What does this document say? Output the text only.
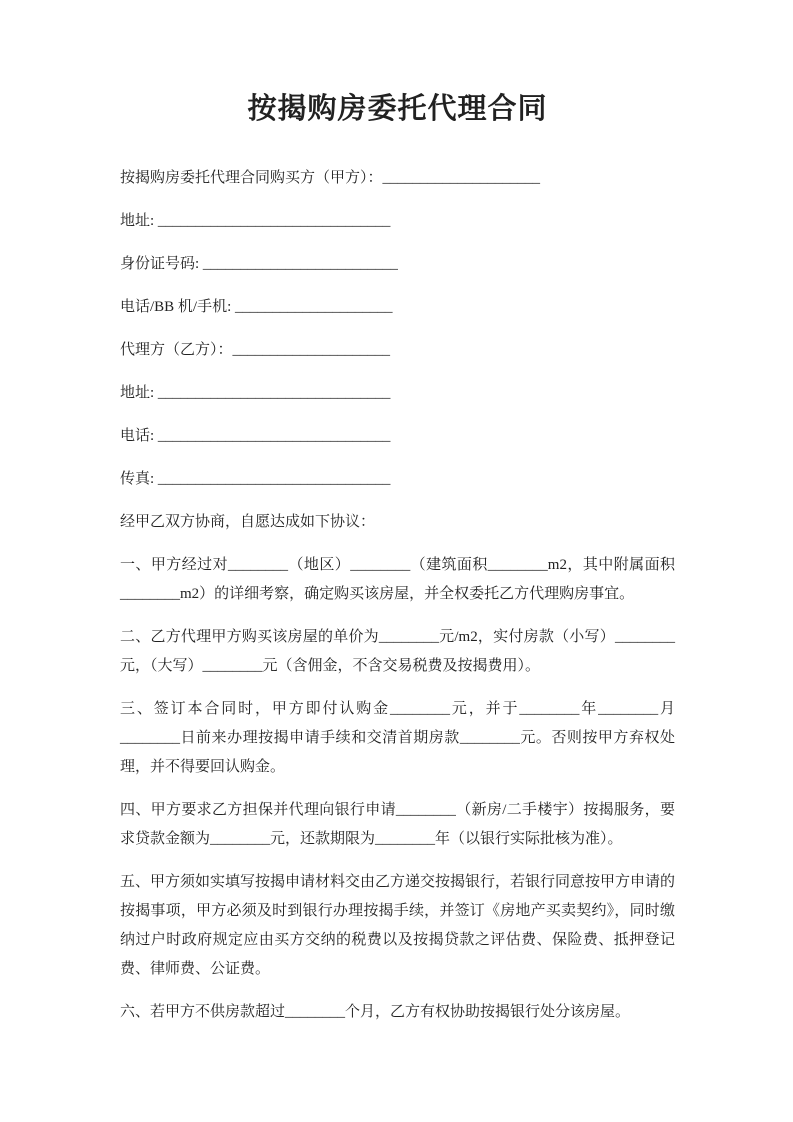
按揭购房委托代理合同

按揭购房委托代理合同购买方（甲方）：_____________________

地址: _______________________________

身份证号码: __________________________

电话/BB 机/手机: _____________________

代理方（乙方）：_____________________

地址: _______________________________

电话: _______________________________

传真: _______________________________

经甲乙双方协商，自愿达成如下协议：

一、甲方经过对________（地区）________（建筑面积________m2，其中附属面积________m2）的详细考察，确定购买该房屋，并全权委托乙方代理购房事宜。

二、乙方代理甲方购买该房屋的单价为________元/m2，实付房款（小写）________元，（大写）________元（含佣金，不含交易税费及按揭费用）。

三、签订本合同时，甲方即付认购金________元，并于________年________月________日前来办理按揭申请手续和交清首期房款________元。否则按甲方弃权处理，并不得要回认购金。

四、甲方要求乙方担保并代理向银行申请________（新房/二手楼宇）按揭服务，要求贷款金额为________元，还款期限为________年（以银行实际批核为准）。

五、甲方须如实填写按揭申请材料交由乙方递交按揭银行，若银行同意按甲方申请的按揭事项，甲方必须及时到银行办理按揭手续，并签订《房地产买卖契约》，同时缴纳过户时政府规定应由买方交纳的税费以及按揭贷款之评估费、保险费、抵押登记费、律师费、公证费。

六、若甲方不供房款超过________个月，乙方有权协助按揭银行处分该房屋。
